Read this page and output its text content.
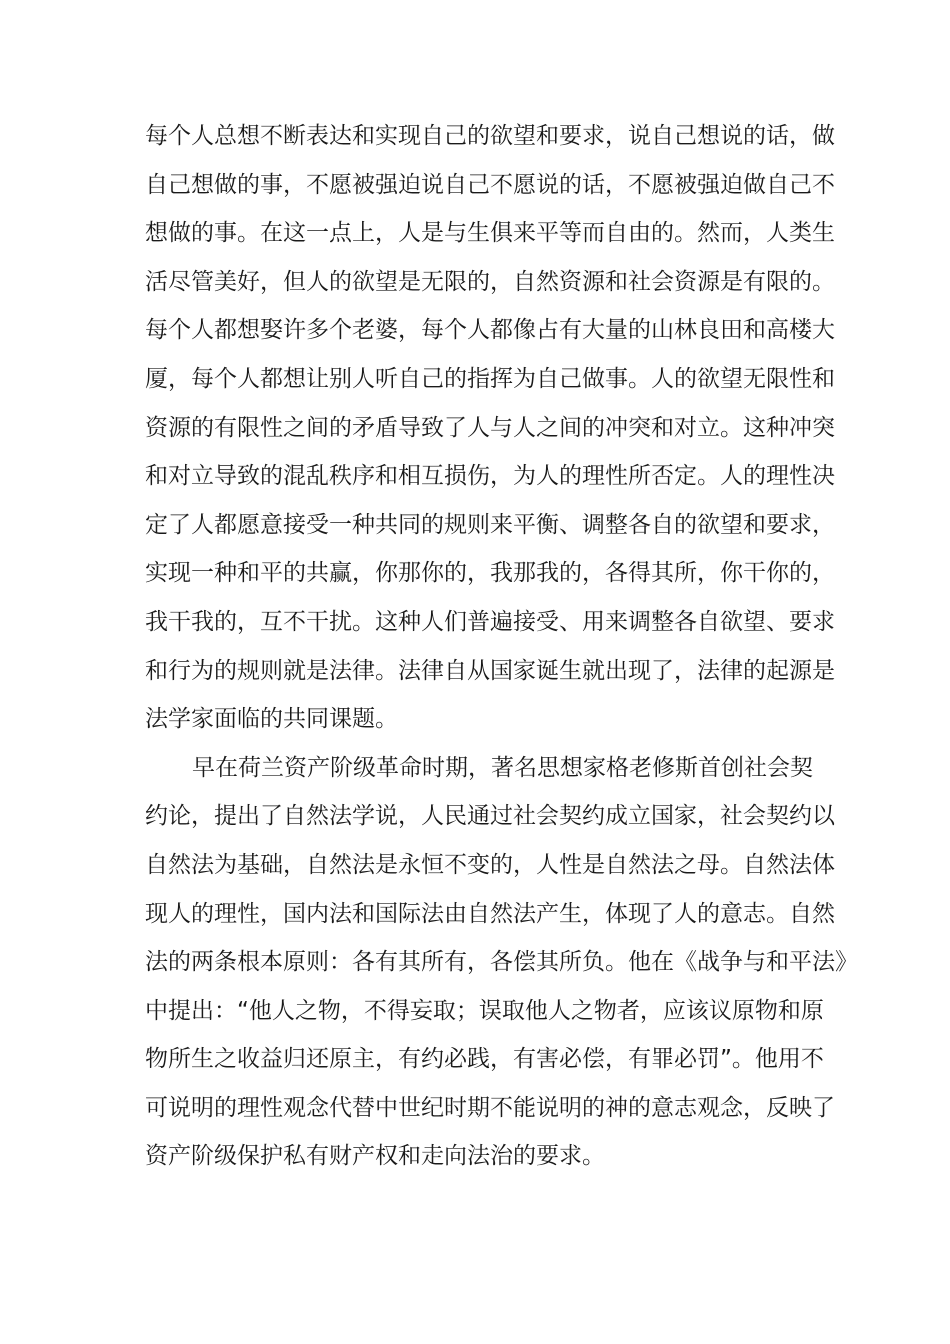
每个人总想不断表达和实现自己的欲望和要求，说自己想说的话，做
自己想做的事，不愿被强迫说自己不愿说的话，不愿被强迫做自己不
想做的事。在这一点上，人是与生俱来平等而自由的。然而，人类生
活尽管美好，但人的欲望是无限的，自然资源和社会资源是有限的。
每个人都想娶许多个老婆，每个人都像占有大量的山林良田和高楼大
厦，每个人都想让别人听自己的指挥为自己做事。人的欲望无限性和
资源的有限性之间的矛盾导致了人与人之间的冲突和对立。这种冲突
和对立导致的混乱秩序和相互损伤，为人的理性所否定。人的理性决
定了人都愿意接受一种共同的规则来平衡、调整各自的欲望和要求，
实现一种和平的共赢，你那你的，我那我的，各得其所，你干你的，
我干我的，互不干扰。这种人们普遍接受、用来调整各自欲望、要求
和行为的规则就是法律。法律自从国家诞生就出现了，法律的起源是
法学家面临的共同课题。
早在荷兰资产阶级革命时期，著名思想家格老修斯首创社会契
约论，提出了自然法学说，人民通过社会契约成立国家，社会契约以
自然法为基础，自然法是永恒不变的，人性是自然法之母。自然法体
现人的理性，国内法和国际法由自然法产生，体现了人的意志。自然
法的两条根本原则：各有其所有，各偿其所负。他在《战争与和平法》
中提出：“他人之物，不得妄取；误取他人之物者，应该议原物和原
物所生之收益归还原主，有约必践，有害必偿，有罪必罚”。他用不
可说明的理性观念代替中世纪时期不能说明的神的意志观念，反映了
资产阶级保护私有财产权和走向法治的要求。
